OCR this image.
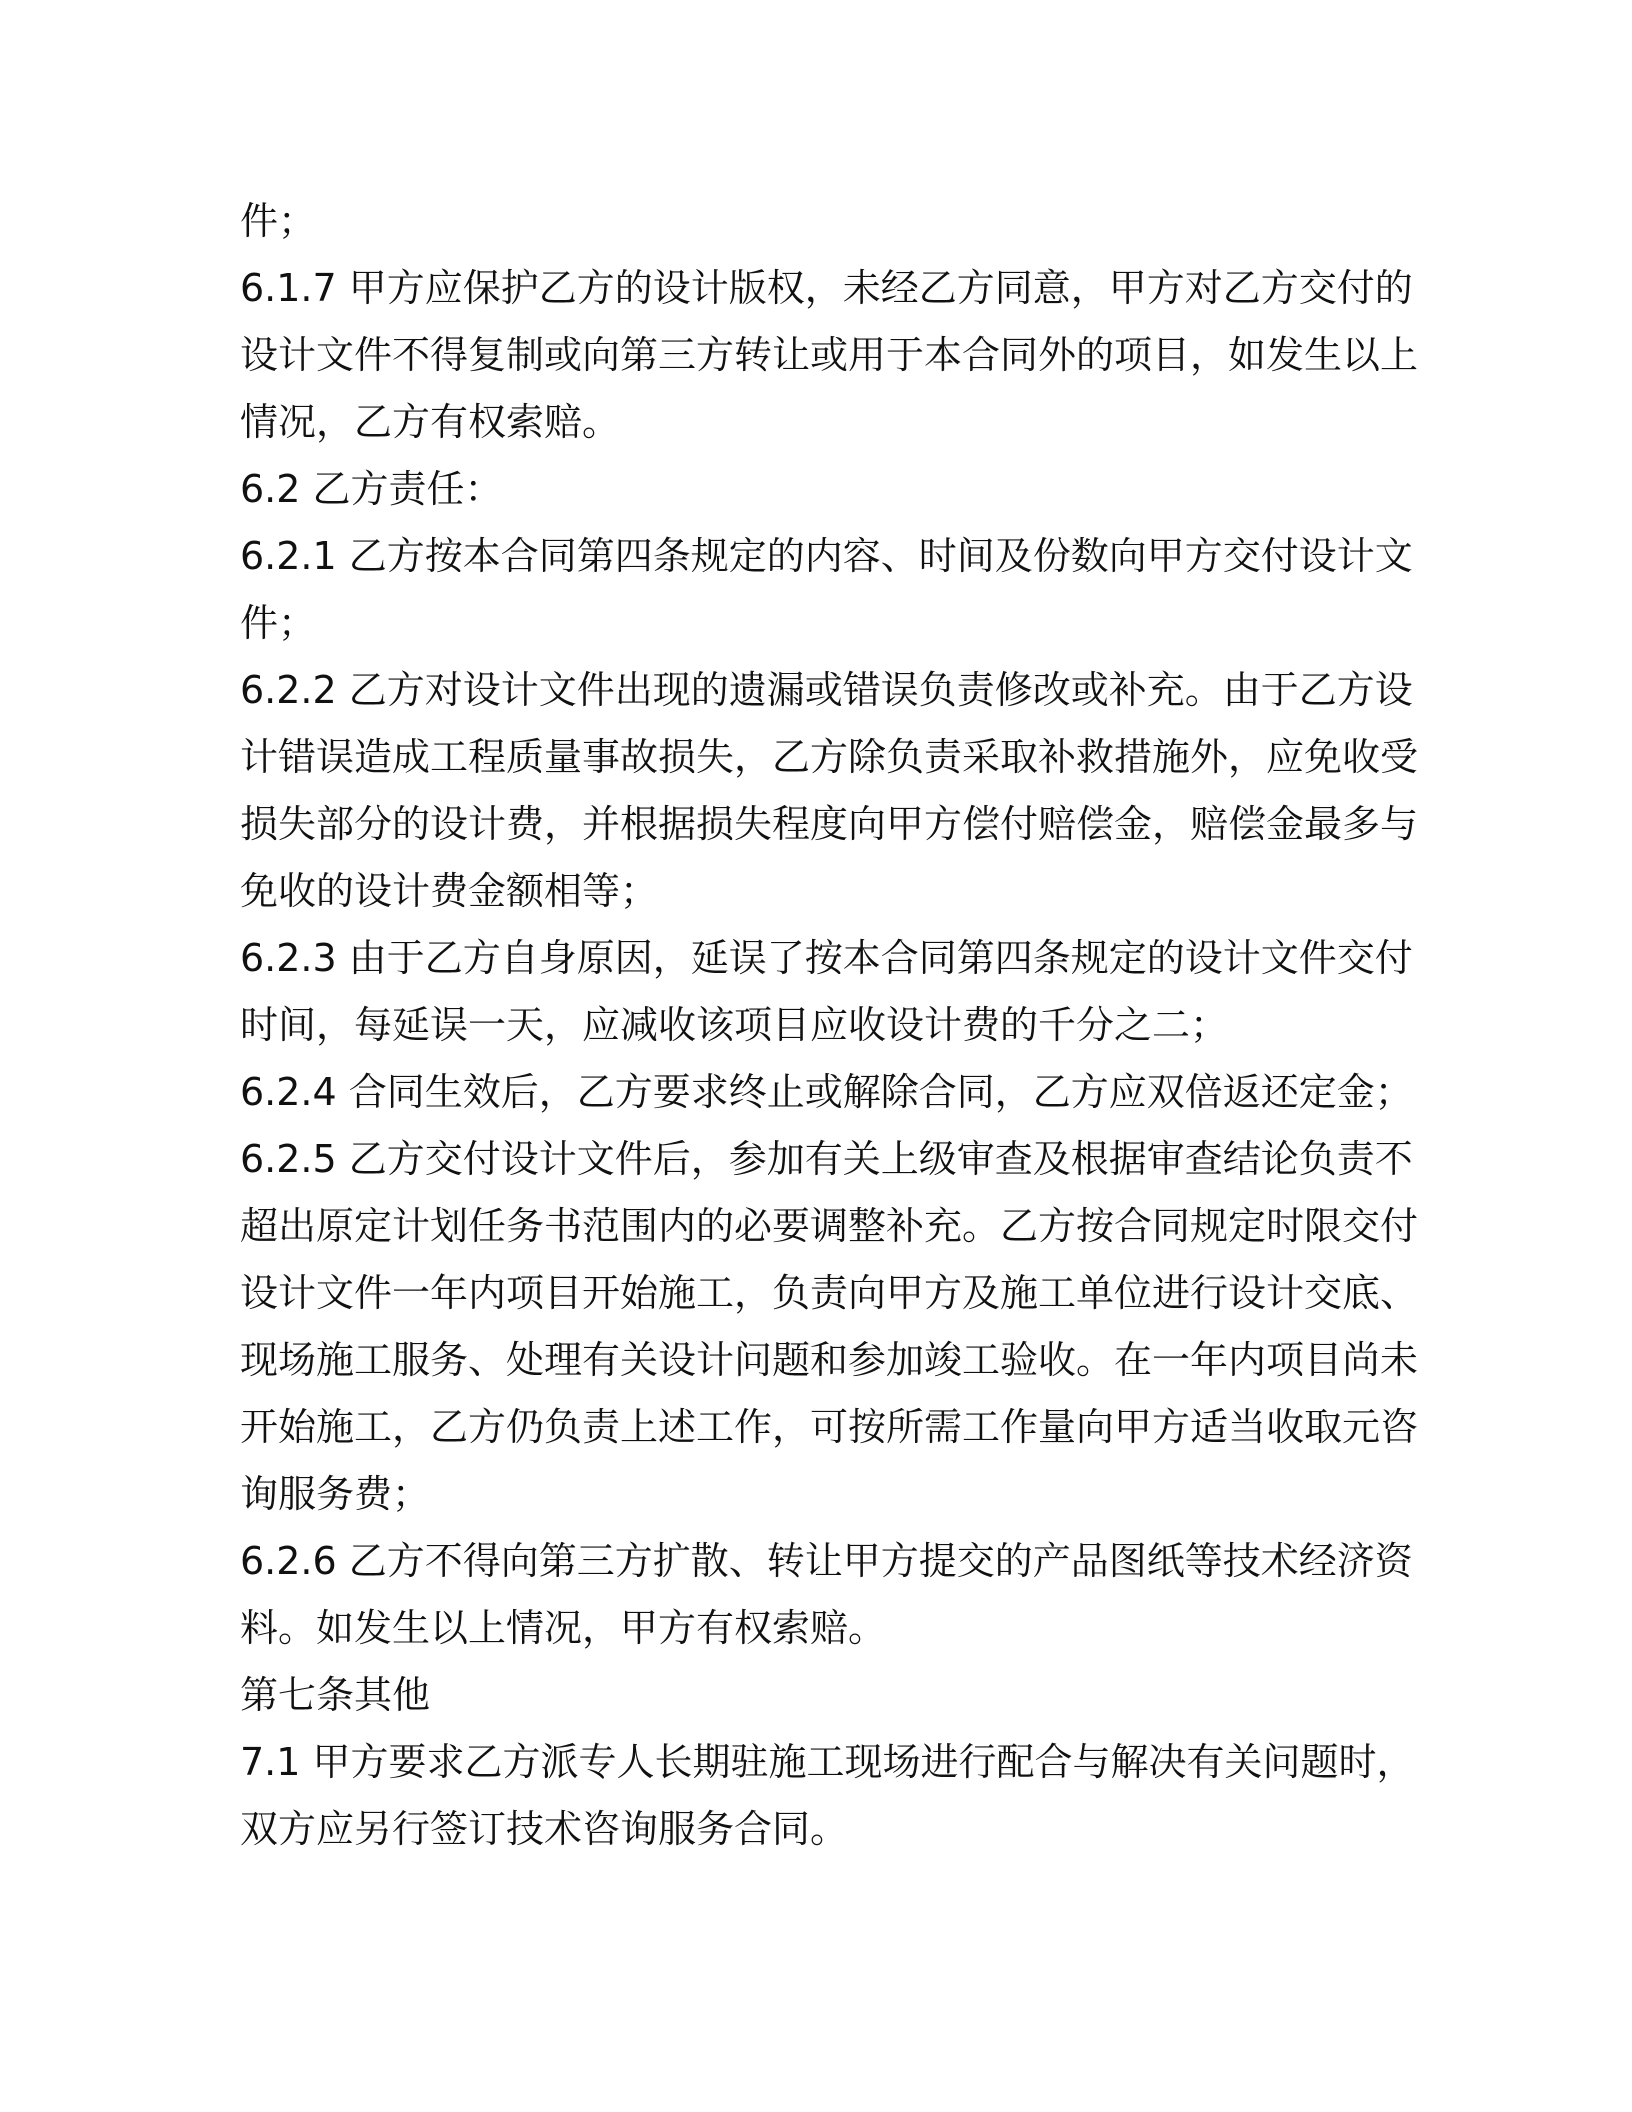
件；
6.1.7 甲方应保护乙方的设计版权，未经乙方同意，甲方对乙方交付的
设计文件不得复制或向第三方转让或用于本合同外的项目，如发生以上
情况，乙方有权索赔。
6.2 乙方责任：
6.2.1 乙方按本合同第四条规定的内容、时间及份数向甲方交付设计文
件；
6.2.2 乙方对设计文件出现的遗漏或错误负责修改或补充。由于乙方设
计错误造成工程质量事故损失，乙方除负责采取补救措施外，应免收受
损失部分的设计费，并根据损失程度向甲方偿付赔偿金，赔偿金最多与
免收的设计费金额相等；
6.2.3 由于乙方自身原因，延误了按本合同第四条规定的设计文件交付
时间，每延误一天，应减收该项目应收设计费的千分之二；
6.2.4 合同生效后，乙方要求终止或解除合同，乙方应双倍返还定金；
6.2.5 乙方交付设计文件后，参加有关上级审查及根据审查结论负责不
超出原定计划任务书范围内的必要调整补充。乙方按合同规定时限交付
设计文件一年内项目开始施工，负责向甲方及施工单位进行设计交底、
现场施工服务、处理有关设计问题和参加竣工验收。在一年内项目尚未
开始施工，乙方仍负责上述工作，可按所需工作量向甲方适当收取元咨
询服务费；
6.2.6 乙方不得向第三方扩散、转让甲方提交的产品图纸等技术经济资
料。如发生以上情况，甲方有权索赔。
第七条其他
7.1 甲方要求乙方派专人长期驻施工现场进行配合与解决有关问题时，
双方应另行签订技术咨询服务合同。
